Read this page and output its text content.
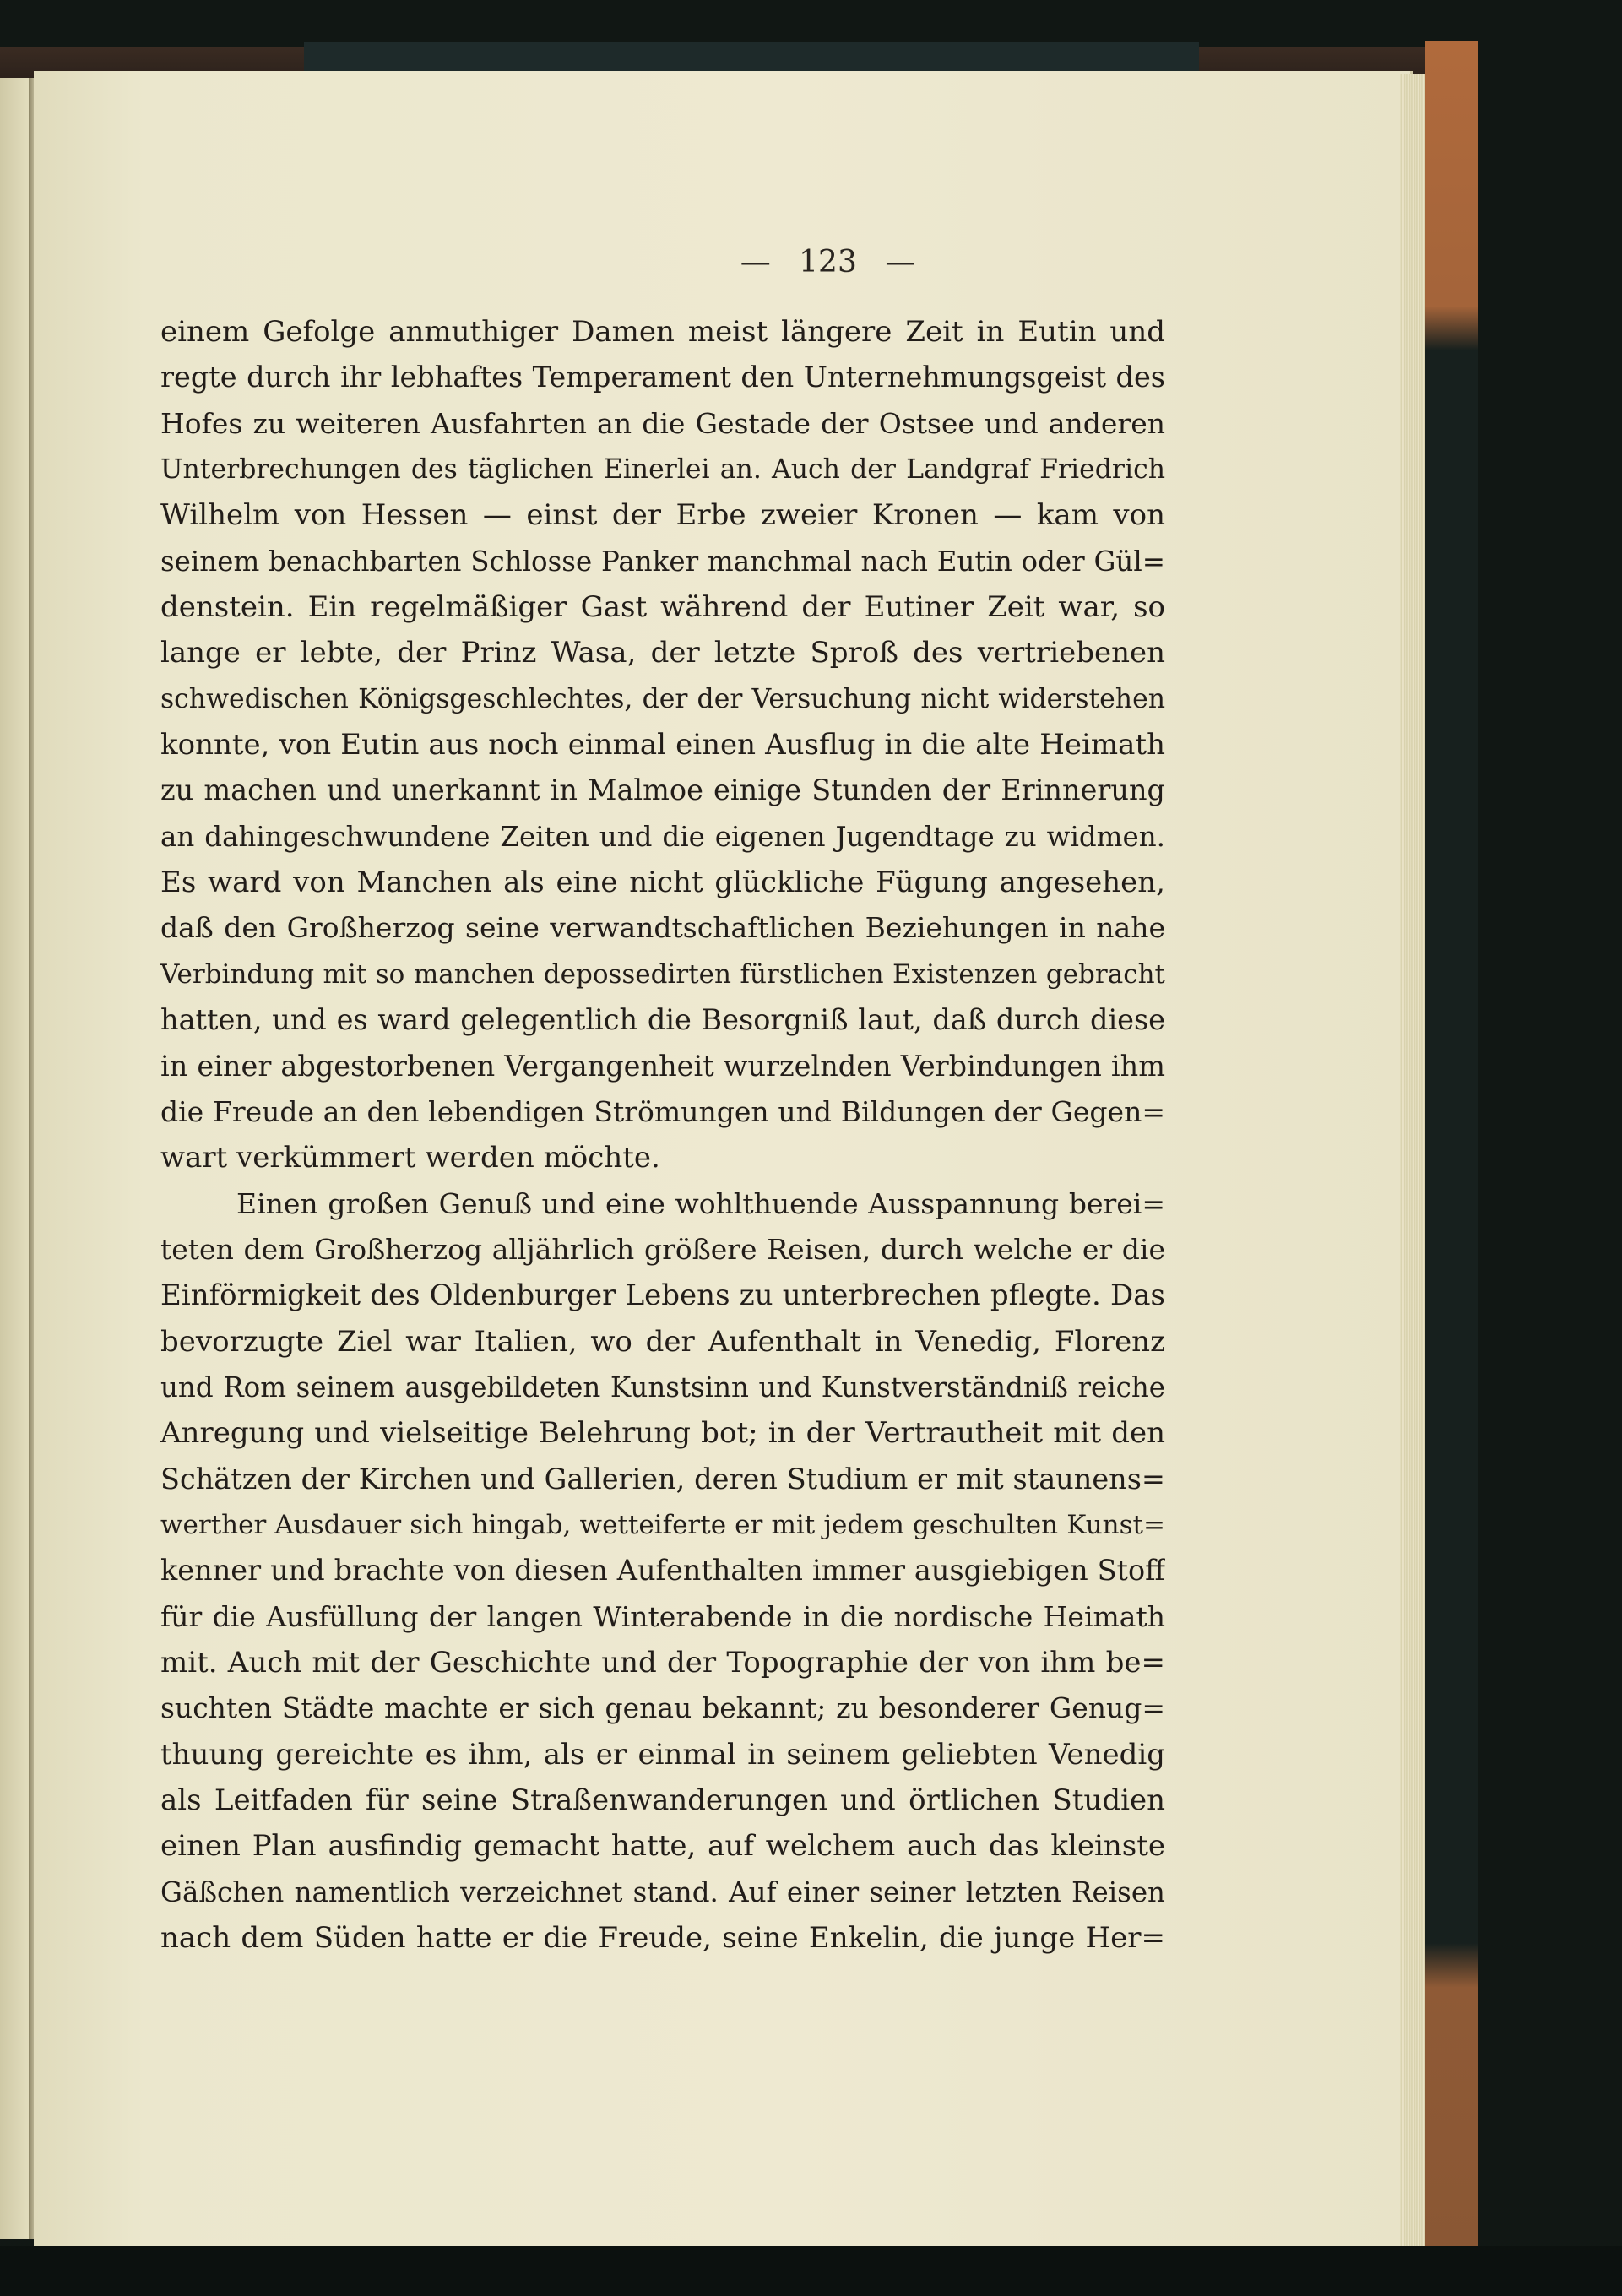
— 123 —
einem Gefolge anmuthiger Damen meist längere Zeit in Eutin und
regte durch ihr lebhaftes Temperament den Unternehmungsgeist des
Hofes zu weiteren Ausfahrten an die Gestade der Ostsee und anderen
Unterbrechungen des täglichen Einerlei an. Auch der Landgraf Friedrich
Wilhelm von Hessen — einst der Erbe zweier Kronen — kam von
seinem benachbarten Schlosse Panker manchmal nach Eutin oder Gül=
denstein. Ein regelmäßiger Gast während der Eutiner Zeit war, so
lange er lebte, der Prinz Wasa, der letzte Sproß des vertriebenen
schwedischen Königsgeschlechtes, der der Versuchung nicht widerstehen
konnte, von Eutin aus noch einmal einen Ausflug in die alte Heimath
zu machen und unerkannt in Malmoe einige Stunden der Erinnerung
an dahingeschwundene Zeiten und die eigenen Jugendtage zu widmen.
Es ward von Manchen als eine nicht glückliche Fügung angesehen,
daß den Großherzog seine verwandtschaftlichen Beziehungen in nahe
Verbindung mit so manchen depossedirten fürstlichen Existenzen gebracht
hatten, und es ward gelegentlich die Besorgniß laut, daß durch diese
in einer abgestorbenen Vergangenheit wurzelnden Verbindungen ihm
die Freude an den lebendigen Strömungen und Bildungen der Gegen=
wart verkümmert werden möchte.
Einen großen Genuß und eine wohlthuende Ausspannung berei=
teten dem Großherzog alljährlich größere Reisen, durch welche er die
Einförmigkeit des Oldenburger Lebens zu unterbrechen pflegte. Das
bevorzugte Ziel war Italien, wo der Aufenthalt in Venedig, Florenz
und Rom seinem ausgebildeten Kunstsinn und Kunstverständniß reiche
Anregung und vielseitige Belehrung bot; in der Vertrautheit mit den
Schätzen der Kirchen und Gallerien, deren Studium er mit staunens=
werther Ausdauer sich hingab, wetteiferte er mit jedem geschulten Kunst=
kenner und brachte von diesen Aufenthalten immer ausgiebigen Stoff
für die Ausfüllung der langen Winterabende in die nordische Heimath
mit. Auch mit der Geschichte und der Topographie der von ihm be=
suchten Städte machte er sich genau bekannt; zu besonderer Genug=
thuung gereichte es ihm, als er einmal in seinem geliebten Venedig
als Leitfaden für seine Straßenwanderungen und örtlichen Studien
einen Plan ausfindig gemacht hatte, auf welchem auch das kleinste
Gäßchen namentlich verzeichnet stand. Auf einer seiner letzten Reisen
nach dem Süden hatte er die Freude, seine Enkelin, die junge Her=
